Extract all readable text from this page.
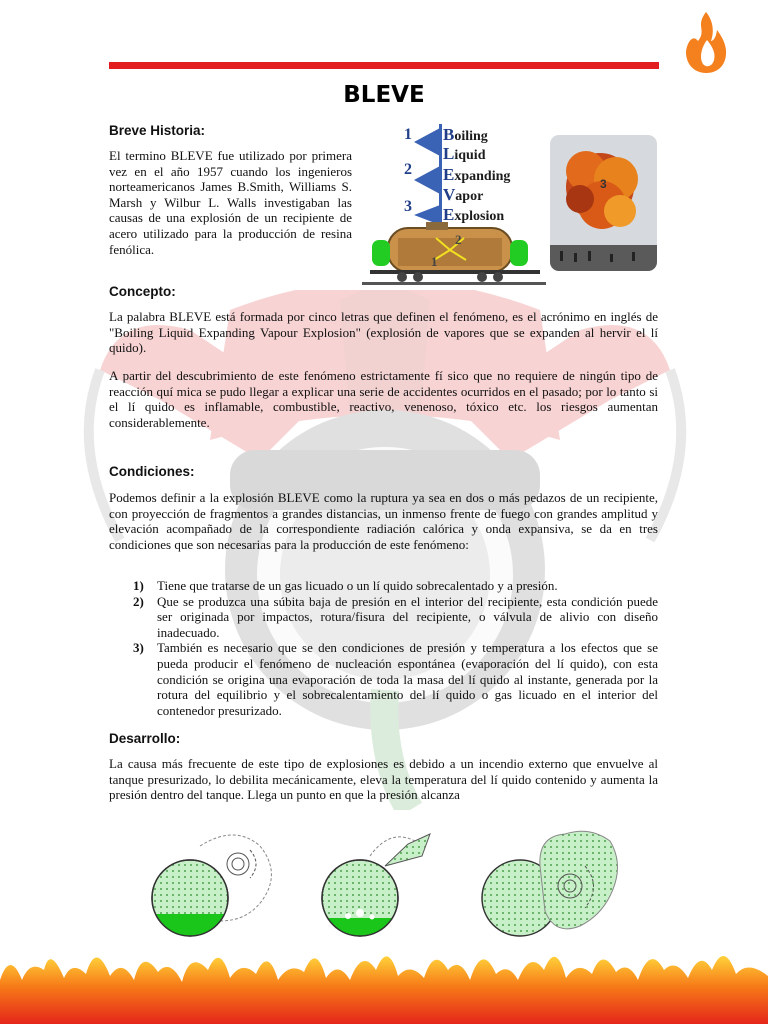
BLEVE
Breve Historia:

El termino BLEVE fue utilizado por primera vez en el año 1957 cuando los ingenieros norteamericanos James B.Smith, Williams S. Marsh y Wilbur L. Walls investigaban las causas de una explosión de un recipiente de acero utilizado para la producción de resina fenólica.

1
2
3
Boiling
Liquid
Expanding
Vapor
Explosion
1
2
3
Concepto:

La palabra BLEVE está formada por cinco letras que definen el fenómeno, es el acrónimo en inglés de "Boiling Liquid Expanding Vapour Explosion" (explosión de vapores que se expanden al hervir el lí quido).

A partir del descubrimiento de este fenómeno estrictamente fí sico que no requiere de ningún tipo de reacción quí mica se pudo llegar a explicar una serie de accidentes ocurridos en el pasado; por lo tanto si el lí quido es inflamable, combustible, reactivo, venenoso, tóxico etc. los riesgos aumentan considerablemente.

Condiciones:

Podemos definir a la explosión BLEVE como la ruptura ya sea en dos o más pedazos de un recipiente, con proyección de fragmentos a grandes distancias, un inmenso frente de fuego con grandes amplitud y elevación acompañado de la correspondiente radiación calórica y onda expansiva, se da en tres condiciones que son necesarias para la producción de este fenómeno:

1) Tiene que tratarse de un gas licuado o un lí quido sobrecalentado y a presión.
2) Que se produzca una súbita baja de presión en el interior del recipiente, esta condición puede ser originada por impactos, rotura/fisura del recipiente, o válvula de alivio con diseño inadecuado.
3) También es necesario que se den condiciones de presión y temperatura a los efectos que se pueda producir el fenómeno de nucleación espontánea (evaporación del lí quido), con esta condición se origina una evaporación de toda la masa del lí quido al instante, generada por la rotura del equilibrio y el sobrecalentamiento del lí quido o gas licuado en el interior del contenedor presurizado.
Desarrollo:

La causa más frecuente de este tipo de explosiones es debido a un incendio externo que envuelve al tanque presurizado, lo debilita mecánicamente, eleva la temperatura del lí quido contenido y aumenta la presión dentro del tanque. Llega un punto en que la presión alcanza
